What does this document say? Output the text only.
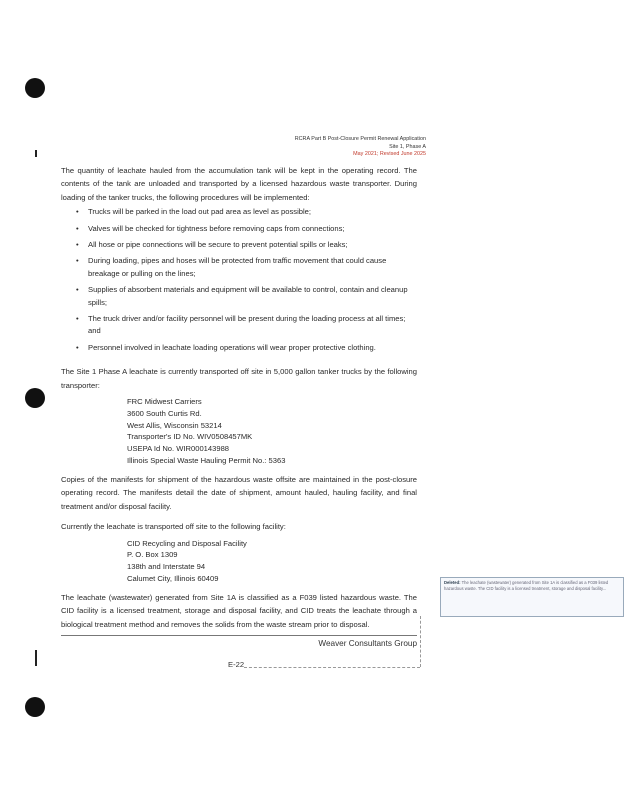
RCRA Part B Post-Closure Permit Renewal Application
Site 1, Phase A
May 2021; Revised June 2025

The quantity of leachate hauled from the accumulation tank will be kept in the operating record. The contents of the tank are unloaded and transported by a licensed hazardous waste transporter. During loading of the tanker trucks, the following procedures will be implemented:

• Trucks will be parked in the load out pad area as level as possible;
• Valves will be checked for tightness before removing caps from connections;
• All hose or pipe connections will be secure to prevent potential spills or leaks;
• During loading, pipes and hoses will be protected from traffic movement that could cause breakage or pulling on the lines;
• Supplies of absorbent materials and equipment will be available to control, contain and cleanup spills;
• The truck driver and/or facility personnel will be present during the loading process at all times; and
• Personnel involved in leachate loading operations will wear proper protective clothing.

The Site 1 Phase A leachate is currently transported off site in 5,000 gallon tanker trucks by the following transporter:

FRC Midwest Carriers
3600 South Curtis Rd.
West Allis, Wisconsin 53214
Transporter's ID No. WIV0508457MK
USEPA Id No. WIR000143988
Illinois Special Waste Hauling Permit No.: 5363

Copies of the manifests for shipment of the hazardous waste offsite are maintained in the post-closure operating record. The manifests detail the date of shipment, amount hauled, hauling facility, and final treatment and/or disposal facility.

Currently the leachate is transported off site to the following facility:

CID Recycling and Disposal Facility
P. O. Box 1309
138th and Interstate 94
Calumet City, Illinois 60409

The leachate (wastewater) generated from Site 1A is classified as a F039 listed hazardous waste. The CID facility is a licensed treatment, storage and disposal facility, and CID treats the leachate through a biological treatment method and removes the solids from the waste stream prior to disposal.

Weaver Consultants Group
E-22
Deleted: The leachate (wastewater) generated from Site 1A is classified as a F039 listed hazardous waste. The CID facility is a licensed treatment, storage and disposal facility...
